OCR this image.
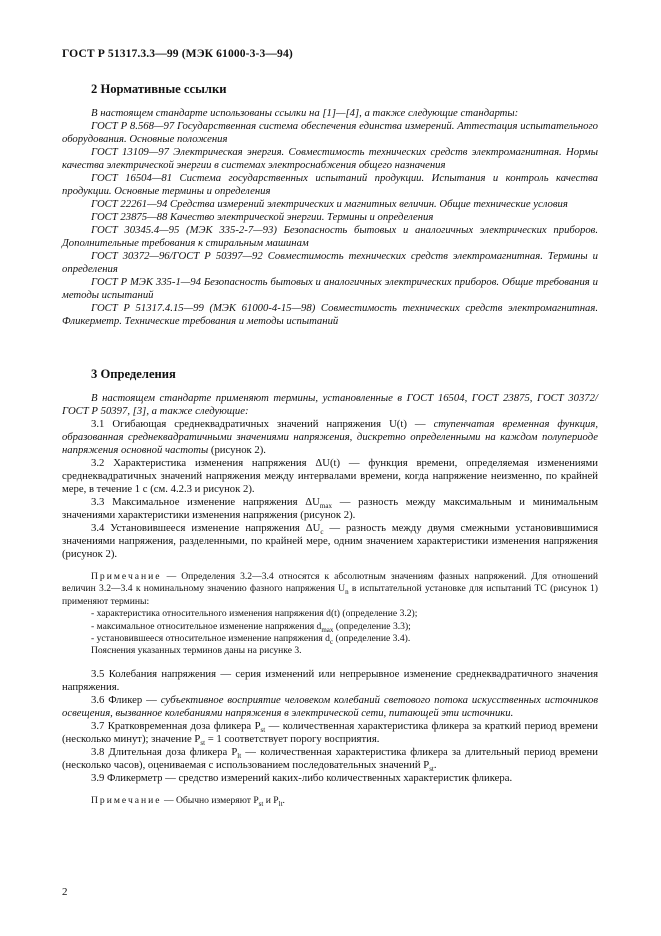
ГОСТ Р 51317.3.3—99 (МЭК 61000-3-3—94)
2 Нормативные ссылки

В настоящем стандарте использованы ссылки на [1]—[4], а также следующие стандарты:

ГОСТ Р 8.568—97 Государственная система обеспечения единства измерений. Аттестация испытательного оборудования. Основные положения

ГОСТ 13109—97 Электрическая энергия. Совместимость технических средств электромагнитная. Нормы качества электрической энергии в системах электроснабжения общего назначения

ГОСТ 16504—81 Система государственных испытаний продукции. Испытания и контроль качества продукции. Основные термины и определения

ГОСТ 22261—94 Средства измерений электрических и магнитных величин. Общие технические условия

ГОСТ 23875—88 Качество электрической энергии. Термины и определения

ГОСТ 30345.4—95 (МЭК 335-2-7—93) Безопасность бытовых и аналогичных электрических приборов. Дополнительные требования к стиральным машинам

ГОСТ 30372—96/ГОСТ Р 50397—92 Совместимость технических средств электромагнитная. Термины и определения

ГОСТ Р МЭК 335-1—94 Безопасность бытовых и аналогичных электрических приборов. Общие требования и методы испытаний

ГОСТ Р 51317.4.15—99 (МЭК 61000-4-15—98) Совместимость технических средств электромагнитная. Фликерметр. Технические требования и методы испытаний

3 Определения

В настоящем стандарте применяют термины, установленные в ГОСТ 16504, ГОСТ 23875, ГОСТ 30372/ГОСТ Р 50397, [3], а также следующие:

3.1 Огибающая среднеквадратичных значений напряжения U(t) — ступенчатая временная функция, образованная среднеквадратичными значениями напряжения, дискретно определенными на каждом полупериоде напряжения основной частоты (рисунок 2).

3.2 Характеристика изменения напряжения ΔU(t) — функция времени, определяемая изменениями среднеквадратичных значений напряжения между интервалами времени, когда напряжение неизменно, по крайней мере, в течение 1 с (см. 4.2.3 и рисунок 2).

3.3 Максимальное изменение напряжения $\Delta U_{max}$ — разность между максимальным и минимальным значениями характеристики изменения напряжения (рисунок 2).

3.4 Установившееся изменение напряжения $\Delta U_c$ — разность между двумя смежными установившимися значениями напряжения, разделенными, по крайней мере, одним значением характеристики изменения напряжения (рисунок 2).

Примечание — Определения 3.2—3.4 относятся к абсолютным значениям фазных напряжений. Для отношений величин 3.2—3.4 к номинальному значению фазного напряжения $U_n$ в испытательной установке для испытаний ТС (рисунок 1) применяют термины:

- характеристика относительного изменения напряжения d(t) (определение 3.2);

- максимальное относительное изменение напряжения $d_{max}$ (определение 3.3);

- установившееся относительное изменение напряжения $d_c$ (определение 3.4).

Пояснения указанных терминов даны на рисунке 3.

3.5 Колебания напряжения — серия изменений или непрерывное изменение среднеквадратичного значения напряжения.

3.6 Фликер — субъективное восприятие человеком колебаний светового потока искусственных источников освещения, вызванное колебаниями напряжения в электрической сети, питающей эти источники.

3.7 Кратковременная доза фликера $P_{st}$ — количественная характеристика фликера за краткий период времени (несколько минут); значение $P_{st} = 1$ соответствует порогу восприятия.

3.8 Длительная доза фликера $P_{lt}$ — количественная характеристика фликера за длительный период времени (несколько часов), оцениваемая с использованием последовательных значений $P_{st}$.

3.9 Фликерметр — средство измерений каких-либо количественных характеристик фликера.

Примечание — Обычно измеряют $P_{st}$ и $P_{lt}$.

2
